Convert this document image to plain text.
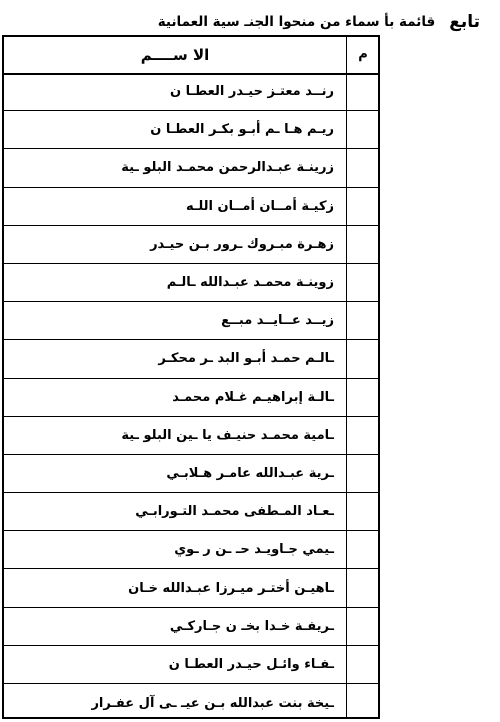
تابع
قائمة بأ سماء من منحوا الجنـ سية العمانية
الا ســــم	م
رنــد معتـز حيـدر العطـا ن
ريـم هـا ـم أبـو بكـر العطـا ن
زرينـة عبـدالرحمن محمـد البلو ـية
زكيـة أمــان أمــان اللـه
زهـرة مبـروك ـرور بـن حيـدر
زوينـة محمـد عبـدالله ـالـم
زيــد عــايــد مبــع
ـالـم حمـد أبـو البد ـر محكـر
ـالـة إبراهيـم غـلام محمـد
ـامية محمـد حنيـف يا ـين البلو ـية
ـرية عبـدالله عامـر هـلابـي
ـعـاد المـطفى محمـد التـورابـي
ـيمي جـاويـد حـ ـن ر ـوي
ـاهيـن أختـر ميـرزا عبـدالله خـان
ـريفـة خـدا بخـ ن جـاركـي
ـفـاء وائـل حيـدر العطـا ن
ـيخة بنت عبدالله بـن عيـ ـى آل عفـرار
